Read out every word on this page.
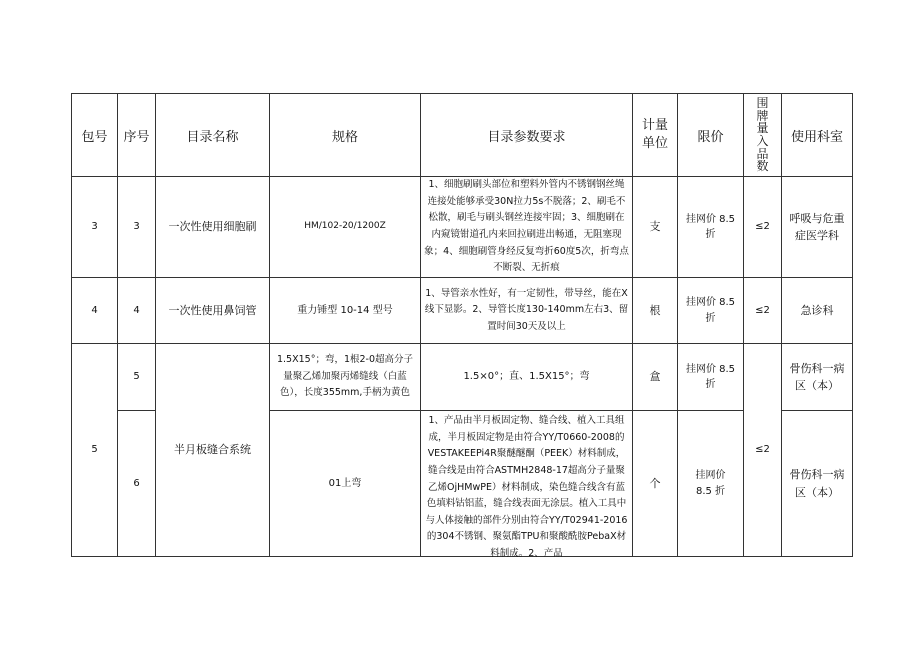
包号	序号	目录名称	规格	目录参数要求	计量单位	限价	围牌量入品数	使用科室
3	3	一次性使用细胞刷	HM/102-20/1200Z	1、细胞刷刷头部位和塑料外管内不锈钢钢丝绳连接处能够承受30N拉力5s不脱落；2、刷毛不松散，刷毛与刷头钢丝连接牢固；3、细胞刷在内窥镜钳道孔内来回拉刷进出畅通，无阻塞现象；4、细胞刷管身经反复弯折60度5次，折弯点不断裂、无折痕	支	挂网价 8.5 折	≤2	呼吸与危重症医学科
4	4	一次性使用鼻饲管	重力锤型 10-14 型号	1、导管亲水性好，有一定韧性，带导丝，能在X线下显影。2、导管长度130-140mm左右3、留置时间30天及以上	根	挂网价 8.5 折	≤2	急诊科
5	5	半月板缝合系统	1.5X15°；弯，1根2-0超高分子量聚乙烯加聚丙烯缝线（白蓝色），长度355mm,手柄为黄色	1.5×0°；直、1.5X15°；弯	盒	挂网价 8.5 折	≤2	骨伤科一病区（本）
	6		01上弯	1、产品由半月板固定物、缝合线、植入工具组成，半月板固定物是由符合YY/T0660-2008的VESTAKEEPi4R聚醚醚酮（PEEK）材料制成，缝合线是由符合ASTMH2848-17超高分子量聚乙烯OjHMwPE）材料制成，染色缝合线含有蓝色填料钴铝蓝，缝合线表面无涂层。植入工具中与人体接触的部件分别由符合YY/T02941-2016的304不锈钢、聚氨酯TPU和聚酸酰胺PebaX材料制成。2、产品	个	挂网价 8.5 折		骨伤科一病区（本）
